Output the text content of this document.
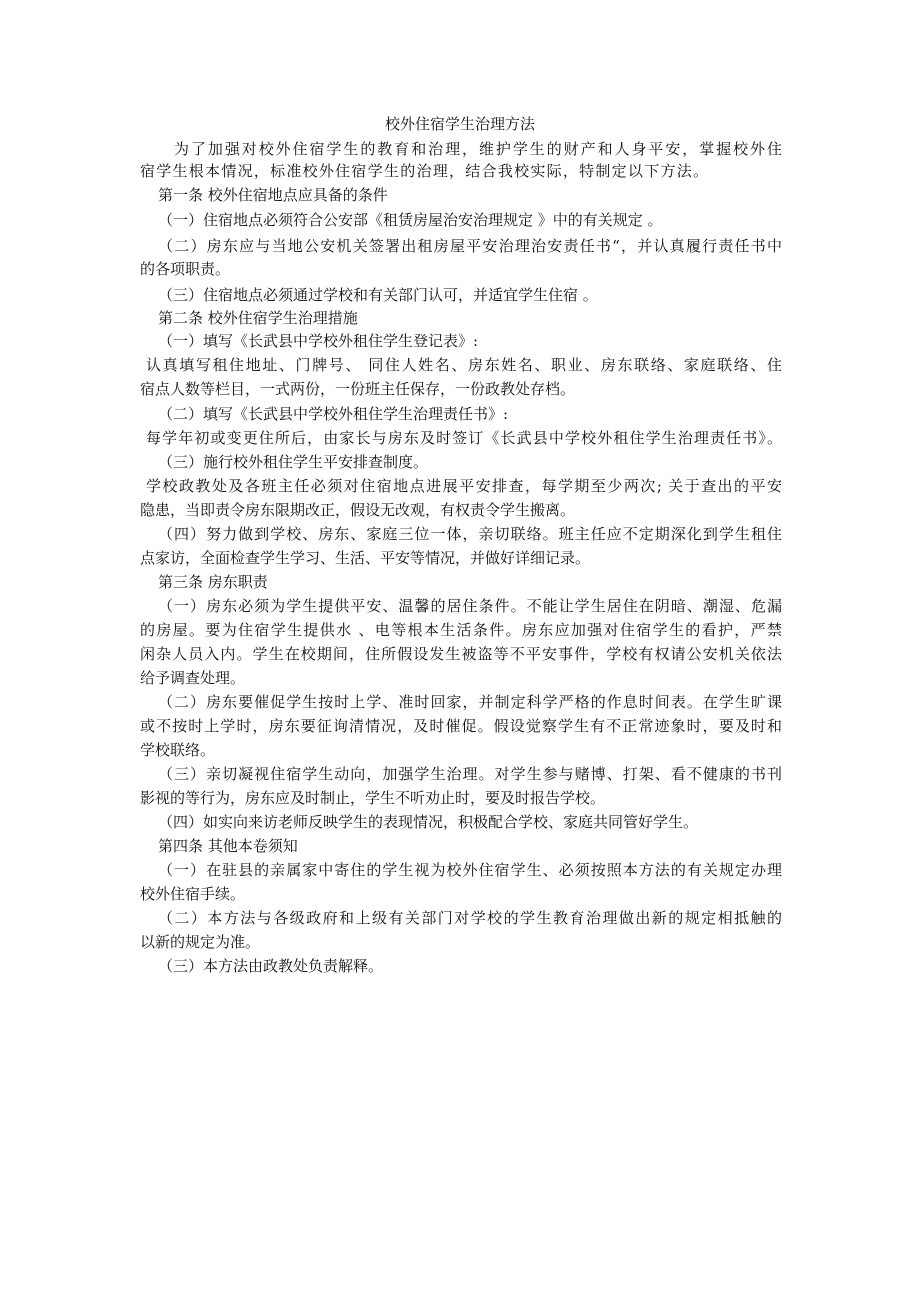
校外住宿学生治理方法
为了加强对校外住宿学生的教育和治理，维护学生的财产和人身平安，掌握校外住
宿学生根本情况，标准校外住宿学生的治理，结合我校实际，特制定以下方法。
第一条 校外住宿地点应具备的条件
（一）住宿地点必须符合公安部《租赁房屋治安治理规定 》中的有关规定 。
（二）房东应与当地公安机关签署出租房屋平安治理治安责任书“，并认真履行责任书中
的各项职责。
（三）住宿地点必须通过学校和有关部门认可，并适宜学生住宿 。
第二条 校外住宿学生治理措施
（一）填写《长武县中学校外租住学生登记表》:
认真填写租住地址、门牌号、 同住人姓名、房东姓名、职业、房东联络、家庭联络、住
宿点人数等栏目，一式两份，一份班主任保存，一份政教处存档。
（二）填写《长武县中学校外租住学生治理责任书》:
每学年初或变更住所后，由家长与房东及时签订《长武县中学校外租住学生治理责任书》。
（三）施行校外租住学生平安排查制度。
学校政教处及各班主任必须对住宿地点进展平安排查，每学期至少两次; 关于查出的平安
隐患，当即责令房东限期改正，假设无改观，有权责令学生搬离。
（四）努力做到学校、房东、家庭三位一体，亲切联络。班主任应不定期深化到学生租住
点家访，全面检查学生学习、生活、平安等情况，并做好详细记录。
第三条 房东职责
（一）房东必须为学生提供平安、温馨的居住条件。不能让学生居住在阴暗、潮湿、危漏
的房屋。要为住宿学生提供水 、电等根本生活条件。房东应加强对住宿学生的看护，严禁
闲杂人员入内。学生在校期间，住所假设发生被盗等不平安事件，学校有权请公安机关依法
给予调查处理。
（二）房东要催促学生按时上学、准时回家，并制定科学严格的作息时间表。在学生旷课
或不按时上学时，房东要征询清情况，及时催促。假设觉察学生有不正常迹象时，要及时和
学校联络。
（三）亲切凝视住宿学生动向，加强学生治理。对学生参与赌博、打架、看不健康的书刊
影视的等行为，房东应及时制止，学生不听劝止时，要及时报告学校。
（四）如实向来访老师反映学生的表现情况，积极配合学校、家庭共同管好学生。
第四条 其他本卷须知
（一）在驻县的亲属家中寄住的学生视为校外住宿学生、必须按照本方法的有关规定办理
校外住宿手续。
（二）本方法与各级政府和上级有关部门对学校的学生教育治理做出新的规定相抵触的
以新的规定为准。
（三）本方法由政教处负责解释。
